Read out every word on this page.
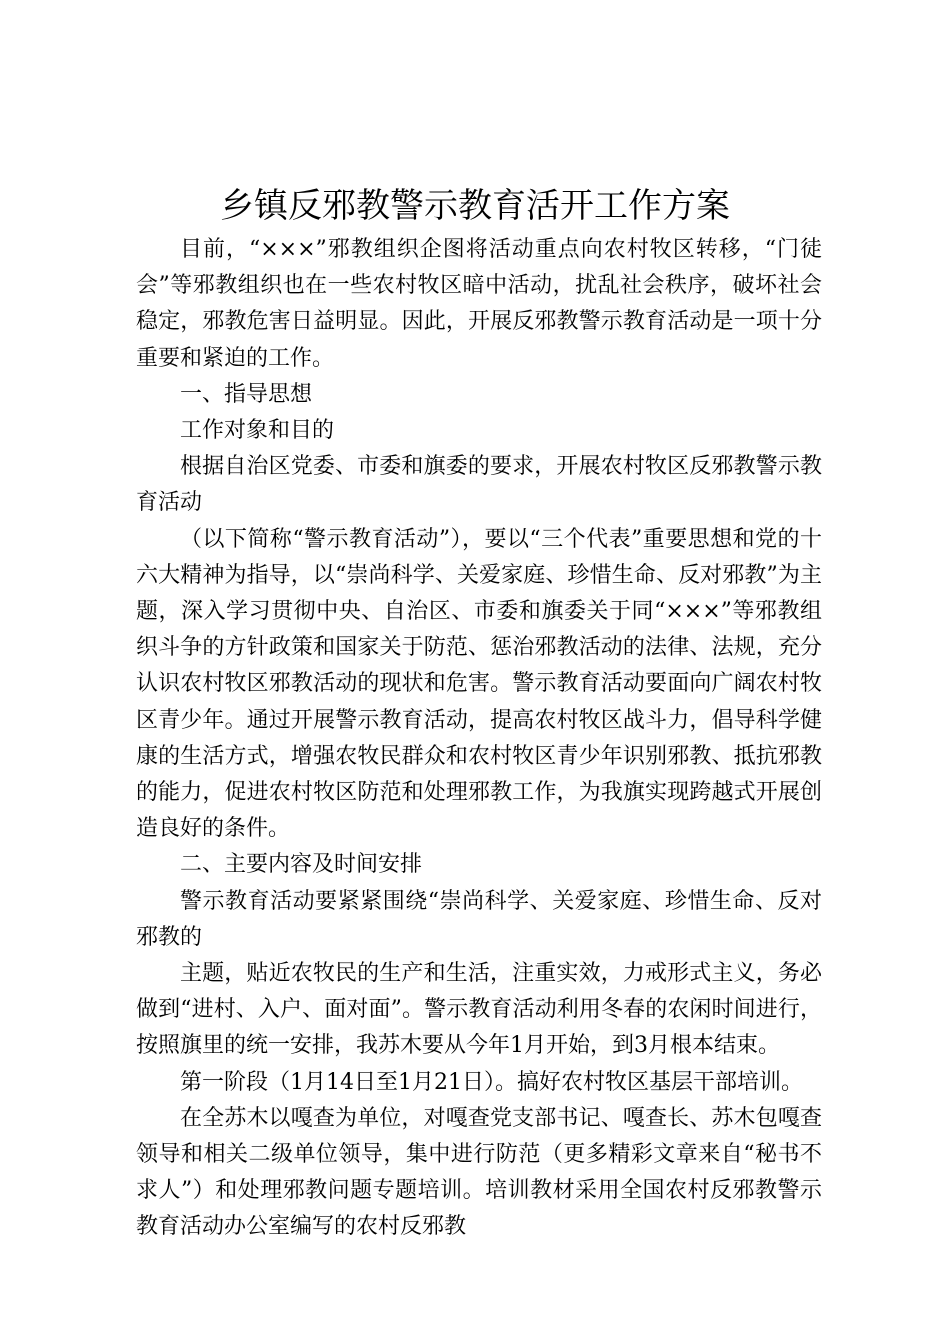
乡镇反邪教警示教育活开工作方案

目前，“×××”邪教组织企图将活动重点向农村牧区转移，“门徒会”等邪教组织也在一些农村牧区暗中活动，扰乱社会秩序，破坏社会稳定，邪教危害日益明显。因此，开展反邪教警示教育活动是一项十分重要和紧迫的工作。

一、指导思想

工作对象和目的

根据自治区党委、市委和旗委的要求，开展农村牧区反邪教警示教育活动

（以下简称“警示教育活动”），要以“三个代表”重要思想和党的十六大精神为指导，以“崇尚科学、关爱家庭、珍惜生命、反对邪教”为主题，深入学习贯彻中央、自治区、市委和旗委关于同“×××”等邪教组织斗争的方针政策和国家关于防范、惩治邪教活动的法律、法规，充分认识农村牧区邪教活动的现状和危害。警示教育活动要面向广阔农村牧区青少年。通过开展警示教育活动，提高农村牧区战斗力，倡导科学健康的生活方式，增强农牧民群众和农村牧区青少年识别邪教、抵抗邪教的能力，促进农村牧区防范和处理邪教工作，为我旗实现跨越式开展创造良好的条件。

二、主要内容及时间安排

警示教育活动要紧紧围绕“崇尚科学、关爱家庭、珍惜生命、反对邪教的

主题，贴近农牧民的生产和生活，注重实效，力戒形式主义，务必做到“进村、入户、面对面”。警示教育活动利用冬春的农闲时间进行，按照旗里的统一安排，我苏木要从今年1月开始，到3月根本结束。

第一阶段（1月14日至1月21日）。搞好农村牧区基层干部培训。

在全苏木以嘎查为单位，对嘎查党支部书记、嘎查长、苏木包嘎查领导和相关二级单位领导，集中进行防范（更多精彩文章来自“秘书不求人”）和处理邪教问题专题培训。培训教材采用全国农村反邪教警示教育活动办公室编写的农村反邪教
